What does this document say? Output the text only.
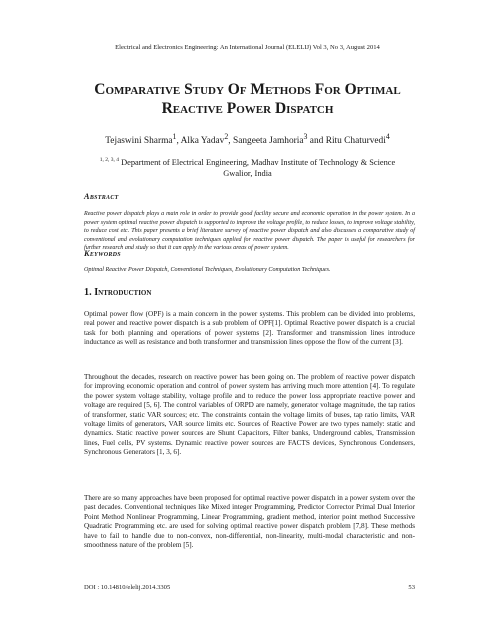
Electrical and Electronics Engineering: An International Journal (ELELIJ) Vol 3, No 3, August 2014
Comparative Study Of Methods For Optimal
Reactive Power Dispatch
Tejaswini Sharma$^1$, Alka Yadav$^2$, Sangeeta Jamhoria$^3$ and Ritu Chaturvedi$^4$
$^{1, 2, 3, 4}$ Department of Electrical Engineering, Madhav Institute of Technology & Science
Gwalior, India
Abstract
Reactive power dispatch plays a main role in order to provide good facility secure and economic operation in the power system. In a power system optimal reactive power dispatch is supported to improve the voltage profile, to reduce losses, to improve voltage stability, to reduce cost etc. This paper presents a brief literature survey of reactive power dispatch and also discusses a comparative study of conventional and evolutionary computation techniques applied for reactive power dispatch. The paper is useful for researchers for further research and study so that it can apply in the various areas of power system.
Keywords
Optimal Reactive Power Dispatch, Conventional Techniques, Evolutionary Computation Techniques.
1. Introduction

Optimal power flow (OPF) is a main concern in the power systems. This problem can be divided into problems, real power and reactive power dispatch is a sub problem of OPF[1]. Optimal Reactive power dispatch is a crucial task for both planning and operations of power systems [2]. Transformer and transmission lines introduce inductance as well as resistance and both transformer and transmission lines oppose the flow of the current [3].

Throughout the decades, research on reactive power has been going on. The problem of reactive power dispatch for improving economic operation and control of power system has arriving much more attention [4]. To regulate the power system voltage stability, voltage profile and to reduce the power loss appropriate reactive power and voltage are required [5, 6]. The control variables of ORPD are namely, generator voltage magnitude, the tap ratios of transformer, static VAR sources; etc. The constraints contain the voltage limits of buses, tap ratio limits, VAR voltage limits of generators, VAR source limits etc. Sources of Reactive Power are two types namely: static and dynamics. Static reactive power sources are Shunt Capacitors, Filter banks, Underground cables, Transmission lines, Fuel cells, PV systems. Dynamic reactive power sources are FACTS devices, Synchronous Condensers, Synchronous Generators [1, 3, 6].

There are so many approaches have been proposed for optimal reactive power dispatch in a power system over the past decades. Conventional techniques like Mixed integer Programming, Predictor Corrector Primal Dual Interior Point Method Nonlinear Programming, Linear Programming, gradient method, interior point method Successive Quadratic Programming etc. are used for solving optimal reactive power dispatch problem [7,8]. These methods have to fail to handle due to non-convex, non-differential, non-linearity, multi-modal characteristic and non-smoothness nature of the problem [5].

DOI : 10.14810/elelij.2014.3305	53
